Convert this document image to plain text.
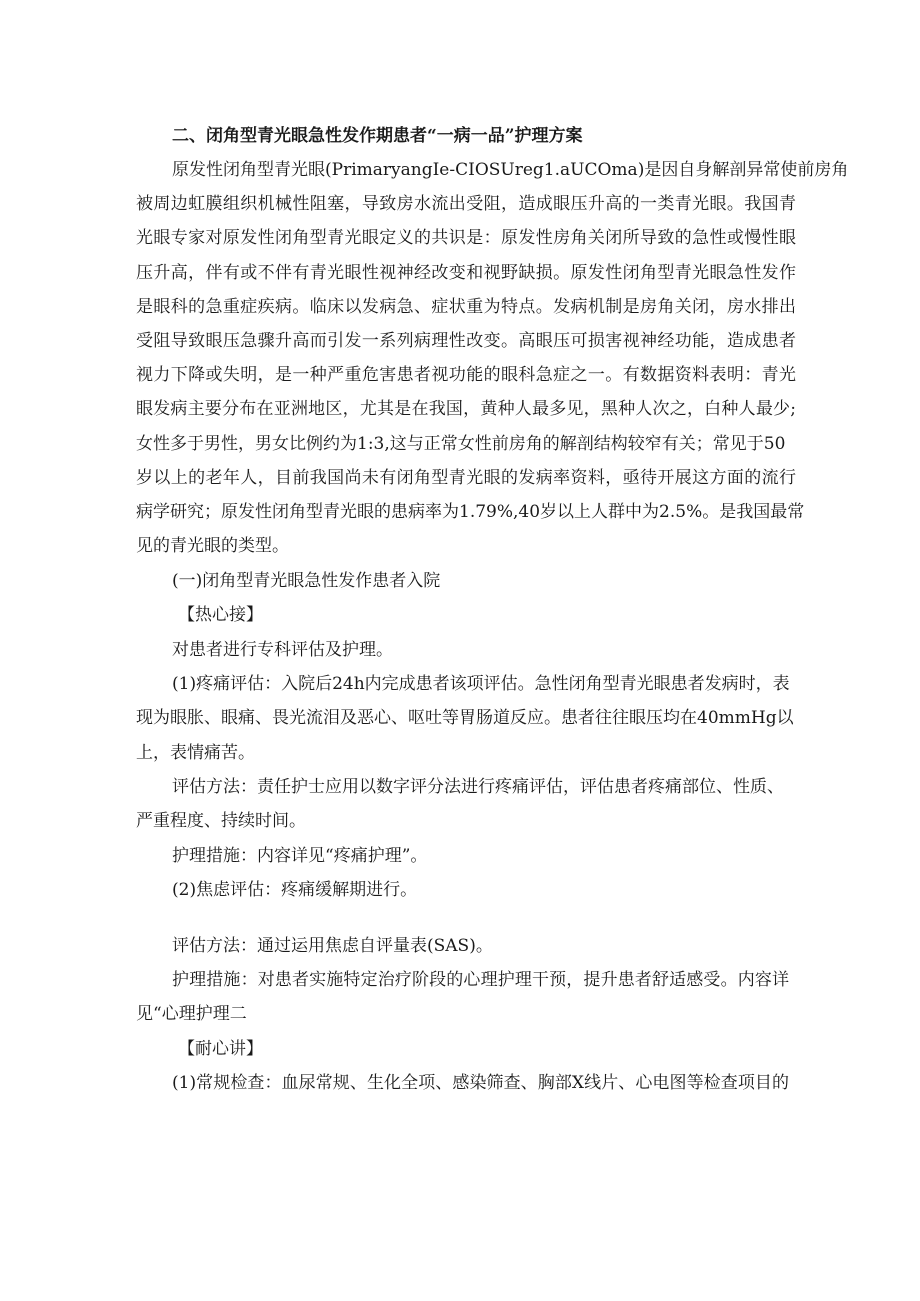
二、闭角型青光眼急性发作期患者“一病一品”护理方案
原发性闭角型青光眼(PrimaryangIe-CIOSUreg1.aUCOma)是因自身解剖异常使前房角
被周边虹膜组织机械性阻塞，导致房水流出受阻，造成眼压升高的一类青光眼。我国青
光眼专家对原发性闭角型青光眼定义的共识是：原发性房角关闭所导致的急性或慢性眼
压升高，伴有或不伴有青光眼性视神经改变和视野缺损。原发性闭角型青光眼急性发作
是眼科的急重症疾病。临床以发病急、症状重为特点。发病机制是房角关闭，房水排出
受阻导致眼压急骤升高而引发一系列病理性改变。高眼压可损害视神经功能，造成患者
视力下降或失明，是一种严重危害患者视功能的眼科急症之一。有数据资料表明：青光
眼发病主要分布在亚洲地区，尤其是在我国，黄种人最多见，黑种人次之，白种人最少;
女性多于男性，男女比例约为1:3,这与正常女性前房角的解剖结构较窄有关；常见于50
岁以上的老年人，目前我国尚未有闭角型青光眼的发病率资料，亟待开展这方面的流行
病学研究；原发性闭角型青光眼的患病率为1.79%,40岁以上人群中为2.5%。是我国最常
见的青光眼的类型。
(一)闭角型青光眼急性发作患者入院
【热心接】
对患者进行专科评估及护理。
(1)疼痛评估：入院后24h内完成患者该项评估。急性闭角型青光眼患者发病时，表
现为眼胀、眼痛、畏光流泪及恶心、呕吐等胃肠道反应。患者往往眼压均在40mmHg以
上，表情痛苦。
评估方法：责任护士应用以数字评分法进行疼痛评估，评估患者疼痛部位、性质、
严重程度、持续时间。
护理措施：内容详见“疼痛护理”。
(2)焦虑评估：疼痛缓解期进行。
评估方法：通过运用焦虑自评量表(SAS)。
护理措施：对患者实施特定治疗阶段的心理护理干预，提升患者舒适感受。内容详
见“心理护理二
【耐心讲】
(1)常规检查：血尿常规、生化全项、感染筛查、胸部X线片、心电图等检查项目的
